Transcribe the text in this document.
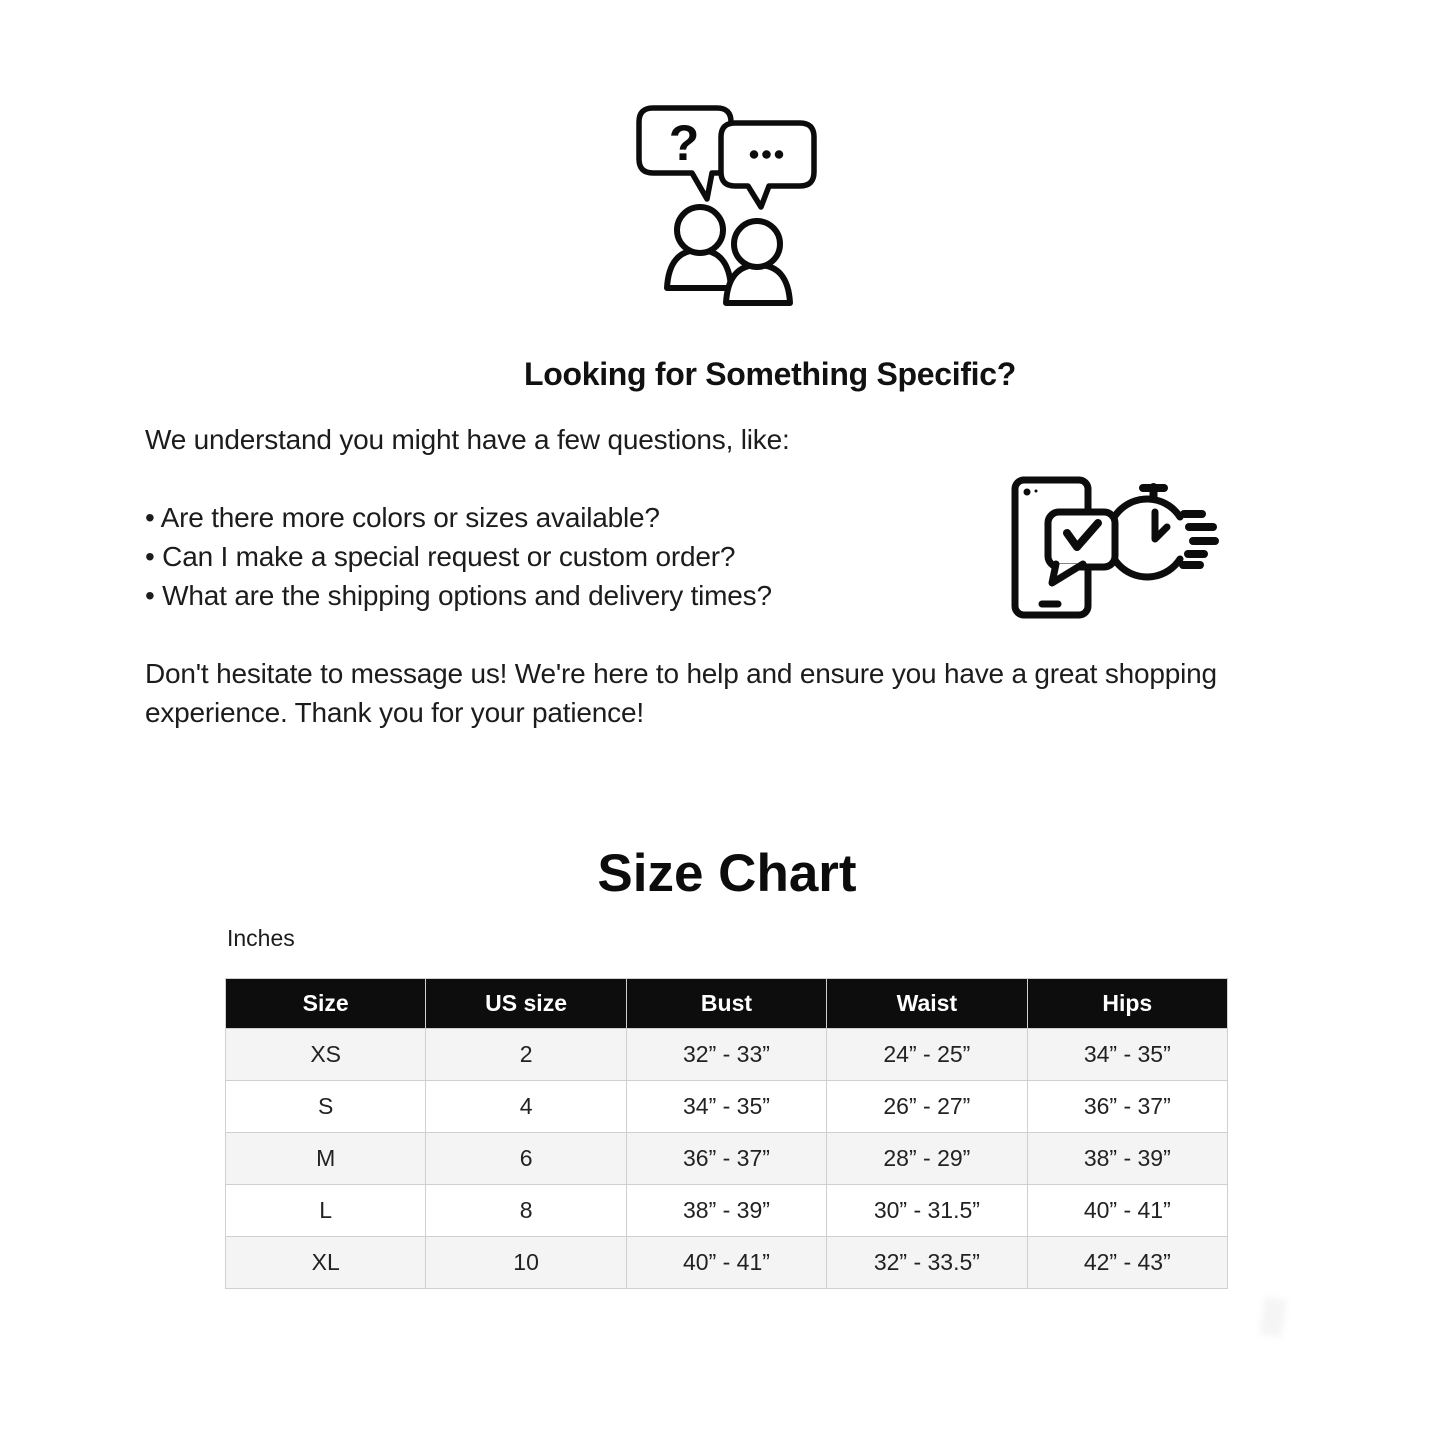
?
Looking for Something Specific?
We understand you might have a few questions, like:
• Are there more colors or sizes available?
• Can I make a special request or custom order?
• What are the shipping options and delivery times?
Don't hesitate to message us! We're here to help and ensure you have a great shopping
experience. Thank you for your patience!
Size Chart
Inches
Size	US size	Bust	Waist	Hips
XS	2	32” - 33”	24” - 25”	34” - 35”
S	4	34” - 35”	26” - 27”	36” - 37”
M	6	36” - 37”	28” - 29”	38” - 39”
L	8	38” - 39”	30” - 31.5”	40” - 41”
XL	10	40” - 41”	32” - 33.5”	42” - 43”
